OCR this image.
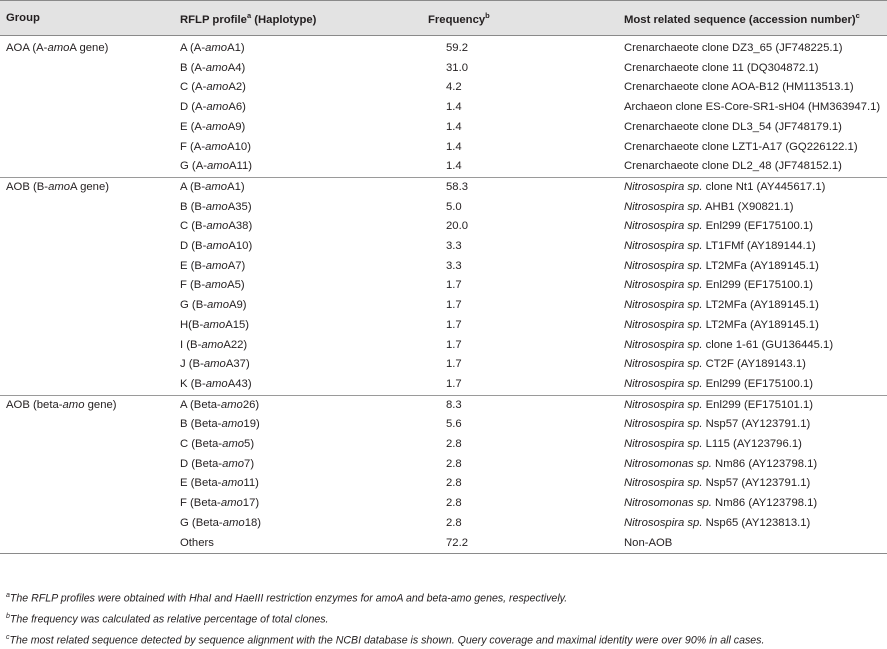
Group	RFLP profile$^a$ (Haplotype)	Frequency$^b$	Most related sequence (accession number)$^c$
AOA (A-amoA gene)	A (A-amoA1)	59.2	Crenarchaeote clone DZ3_65 (JF748225.1)
	B (A-amoA4)	31.0	Crenarchaeote clone 11 (DQ304872.1)
	C (A-amoA2)	4.2	Crenarchaeote clone AOA-B12 (HM113513.1)
	D (A-amoA6)	1.4	Archaeon clone ES-Core-SR1-sH04 (HM363947.1)
	E (A-amoA9)	1.4	Crenarchaeote clone DL3_54 (JF748179.1)
	F (A-amoA10)	1.4	Crenarchaeote clone LZT1-A17 (GQ226122.1)
	G (A-amoA11)	1.4	Crenarchaeote clone DL2_48 (JF748152.1)
AOB (B-amoA gene)	A (B-amoA1)	58.3	Nitrosospira sp. clone Nt1 (AY445617.1)
	B (B-amoA35)	5.0	Nitrosospira sp. AHB1 (X90821.1)
	C (B-amoA38)	20.0	Nitrosospira sp. Enl299 (EF175100.1)
	D (B-amoA10)	3.3	Nitrosospira sp. LT1FMf (AY189144.1)
	E (B-amoA7)	3.3	Nitrosospira sp. LT2MFa (AY189145.1)
	F (B-amoA5)	1.7	Nitrosospira sp. Enl299 (EF175100.1)
	G (B-amoA9)	1.7	Nitrosospira sp. LT2MFa (AY189145.1)
	H(B-amoA15)	1.7	Nitrosospira sp. LT2MFa (AY189145.1)
	I (B-amoA22)	1.7	Nitrosospira sp. clone 1-61 (GU136445.1)
	J (B-amoA37)	1.7	Nitrosospira sp. CT2F (AY189143.1)
	K (B-amoA43)	1.7	Nitrosospira sp. Enl299 (EF175100.1)
AOB (beta-amo gene)	A (Beta-amo26)	8.3	Nitrosospira sp. Enl299 (EF175101.1)
	B (Beta-amo19)	5.6	Nitrosospira sp. Nsp57 (AY123791.1)
	C (Beta-amo5)	2.8	Nitrosospira sp. L115 (AY123796.1)
	D (Beta-amo7)	2.8	Nitrosomonas sp. Nm86 (AY123798.1)
	E (Beta-amo11)	2.8	Nitrosospira sp. Nsp57 (AY123791.1)
	F (Beta-amo17)	2.8	Nitrosomonas sp. Nm86 (AY123798.1)
	G (Beta-amo18)	2.8	Nitrosospira sp. Nsp65 (AY123813.1)
	Others	72.2	Non-AOB
$^a$The RFLP profiles were obtained with HhaI and HaeIII restriction enzymes for amoA and beta-amo genes, respectively.
$^b$The frequency was calculated as relative percentage of total clones.
$^c$The most related sequence detected by sequence alignment with the NCBI database is shown. Query coverage and maximal identity were over 90% in all cases.
